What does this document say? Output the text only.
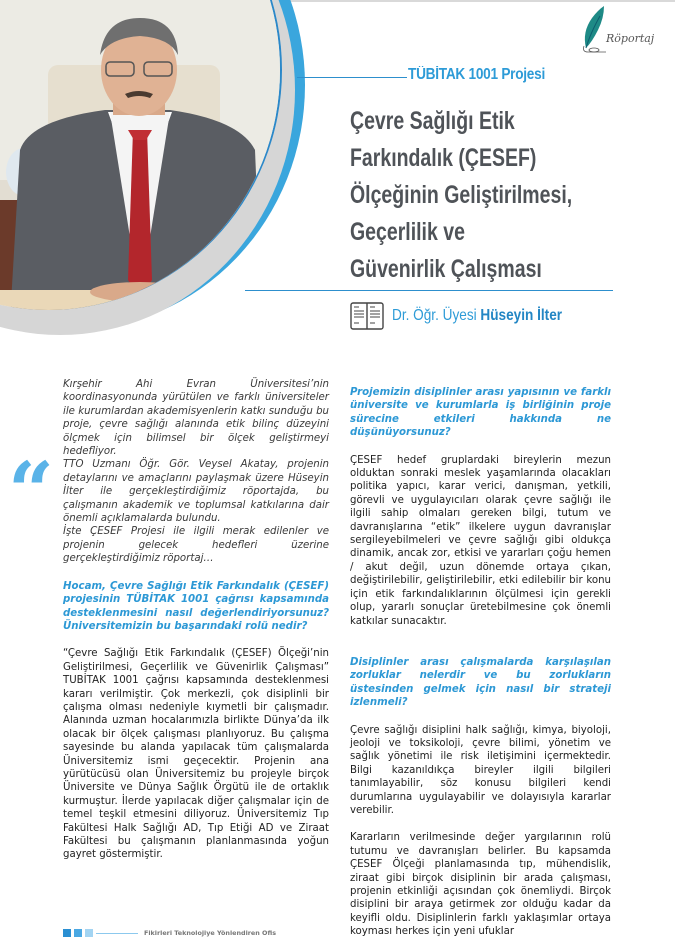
Röportaj
TÜBİTAK 1001 Projesi
Çevre Sağlığı Etik
Farkındalık (ÇESEF)
Ölçeğinin Geliştirilmesi,
Geçerlilik ve
Güvenirlik Çalışması
Dr. Öğr. Üyesi Hüseyin İlter
“

Kırşehir Ahi Evran Üniversitesi’nin koordinasyonunda yürütülen ve farklı üniversiteler ile kurumlardan akademisyenlerin katkı sunduğu bu proje, çevre sağlığı alanında etik bilinç düzeyini ölçmek için bilimsel bir ölçek geliştirmeyi hedefliyor.

TTO Uzmanı Öğr. Gör. Veysel Akatay, projenin detaylarını ve amaçlarını paylaşmak üzere Hüseyin İlter ile gerçekleştirdiğimiz röportajda, bu çalışmanın akademik ve toplumsal katkılarına dair önemli açıklamalarda bulundu.

İşte ÇESEF Projesi ile ilgili merak edilenler ve projenin gelecek hedefleri üzerine gerçekleştirdiğimiz röportaj…

Hocam, Çevre Sağlığı Etik Farkındalık (ÇESEF) projesinin TÜBİTAK 1001 çağrısı kapsamında desteklenmesini nasıl değerlendiriyorsunuz? Üniversitemizin bu başarındaki rolü nedir?

“Çevre Sağlığı Etik Farkındalık (ÇESEF) Ölçeği’nin Geliştirilmesi, Geçerlilik ve Güvenirlik Çalışması” TUBİTAK 1001 çağrısı kapsamında desteklenmesi kararı verilmiştir. Çok merkezli, çok disiplinli bir çalışma olması nedeniyle kıymetli bir çalışmadır. Alanında uzman hocalarımızla birlikte Dünya’da ilk olacak bir ölçek çalışması planlıyoruz. Bu çalışma sayesinde bu alanda yapılacak tüm çalışmalarda Üniversitemiz ismi geçecektir. Projenin ana yürütücüsü olan Üniversitemiz bu projeyle birçok Üniversite ve Dünya Sağlık Örgütü ile de ortaklık kurmuştur. İlerde yapılacak diğer çalışmalar için de temel teşkil etmesini diliyoruz. Üniversitemiz Tıp Fakültesi Halk Sağlığı AD, Tıp Etiği AD ve Ziraat Fakültesi bu çalışmanın planlanmasında yoğun gayret göstermiştir.

Projemizin disiplinler arası yapısının ve farklı üniversite ve kurumlarla iş birliğinin proje sürecine etkileri hakkında ne düşünüyorsunuz?

ÇESEF hedef gruplardaki bireylerin mezun olduktan sonraki meslek yaşamlarında olacakları politika yapıcı, karar verici, danışman, yetkili, görevli ve uygulayıcıları olarak çevre sağlığı ile ilgili sahip olmaları gereken bilgi, tutum ve davranışlarına “etik” ilkelere uygun davranışlar sergileyebilmeleri ve çevre sağlığı gibi oldukça dinamik, ancak zor, etkisi ve yararları çoğu hemen / akut değil, uzun dönemde ortaya çıkan, değiştirilebilir, geliştirilebilir, etki edilebilir bir konu için etik farkındalıklarının ölçülmesi için gerekli olup, yararlı sonuçlar üretebilmesine çok önemli katkılar sunacaktır.

Disiplinler arası çalışmalarda karşılaşılan zorluklar nelerdir ve bu zorlukların üstesinden gelmek için nasıl bir strateji izlenmeli?

Çevre sağlığı disiplini halk sağlığı, kimya, biyoloji, jeoloji ve toksikoloji, çevre bilimi, yönetim ve sağlık yönetimi ile risk iletişimini içermektedir. Bilgi kazanıldıkça bireyler ilgili bilgileri tanımlayabilir, söz konusu bilgileri kendi durumlarına uygulayabilir ve dolayısıyla kararlar verebilir.

Kararların verilmesinde değer yargılarının rolü tutumu ve davranışları belirler. Bu kapsamda ÇESEF Ölçeği planlamasında tıp, mühendislik, ziraat gibi birçok disiplinin bir arada çalışması, projenin etkinliği açısından çok önemliydi. Birçok disiplini bir araya getirmek zor olduğu kadar da keyifli oldu. Disiplinlerin farklı yaklaşımlar ortaya koyması herkes için yeni ufuklar

Fikirleri Teknolojiye Yönlendiren Ofis
